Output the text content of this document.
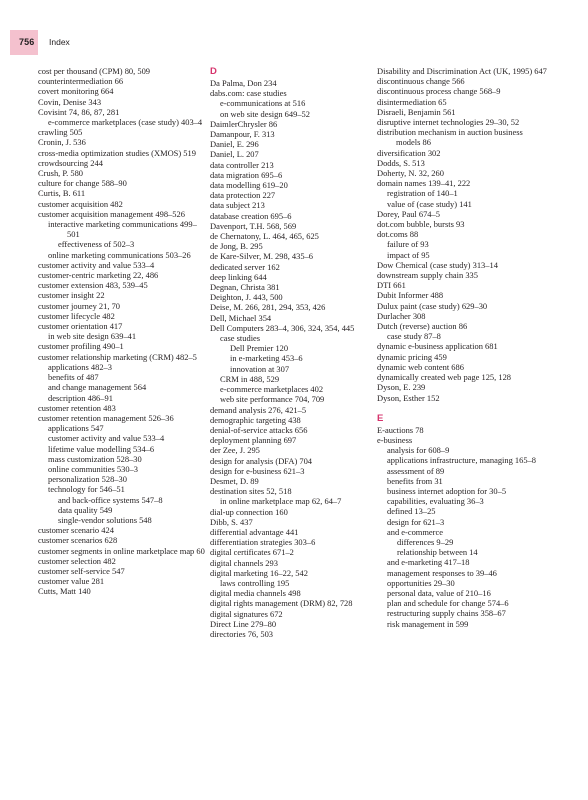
756 Index
cost per thousand (CPM) 80, 509
counterintermediation 66
covert monitoring 664
Covin, Denise 343
Covisint 74, 86, 87, 281
e-commerce marketplaces (case study) 403–4
crawling 505
Cronin, J. 536
cross-media optimization studies (XMOS) 519
crowdsourcing 244
Crush, P. 580
culture for change 588–90
Curtis, B. 611
customer acquisition 482
customer acquisition management 498–526
interactive marketing communications 499–501
effectiveness of 502–3
online marketing communications 503–26
customer activity and value 533–4
customer-centric marketing 22, 486
customer extension 483, 539–45
customer insight 22
customer journey 21, 70
customer lifecycle 482
customer orientation 417
in web site design 639–41
customer profiling 490–1
customer relationship marketing (CRM) 482–5
applications 482–3
benefits of 487
and change management 564
description 486–91
customer retention 483
customer retention management 526–36
applications 547
customer activity and value 533–4
lifetime value modelling 534–6
mass customization 528–30
online communities 530–3
personalization 528–30
technology for 546–51
and back-office systems 547–8
data quality 549
single-vendor solutions 548
customer scenario 424
customer scenarios 628
customer segments in online marketplace map 60
customer selection 482
customer self-service 547
customer value 281
Cutts, Matt 140
D
Da Palma, Don 234
dabs.com: case studies
e-communications at 516
on web site design 649–52
DaimlerChrysler 86
Damanpour, F. 313
Daniel, E. 296
Daniel, L. 207
data controller 213
data migration 695–6
data modelling 619–20
data protection 227
data subject 213
database creation 695–6
Davenport, T.H. 568, 569
de Chernatony, L. 464, 465, 625
de Jong, B. 295
de Kare-Silver, M. 298, 435–6
dedicated server 162
deep linking 644
Degnan, Christa 381
Deighton, J. 443, 500
Deise, M. 266, 281, 294, 353, 426
Dell, Michael 354
Dell Computers 283–4, 306, 324, 354, 445
case studies
Dell Premier 120
in e-marketing 453–6
innovation at 307
CRM in 488, 529
e-commerce marketplaces 402
web site performance 704, 709
demand analysis 276, 421–5
demographic targeting 438
denial-of-service attacks 656
deployment planning 697
der Zee, J. 295
design for analysis (DFA) 704
design for e-business 621–3
Desmet, D. 89
destination sites 52, 518
in online marketplace map 62, 64–7
dial-up connection 160
Dibb, S. 437
differential advantage 441
differentiation strategies 303–6
digital certificates 671–2
digital channels 293
digital marketing 16–22, 542
laws controlling 195
digital media channels 498
digital rights management (DRM) 82, 728
digital signatures 672
Direct Line 279–80
directories 76, 503
Disability and Discrimination Act (UK, 1995) 647
discontinuous change 566
discontinuous process change 568–9
disintermediation 65
Disraeli, Benjamin 561
disruptive internet technologies 29–30, 52
distribution mechanism in auction business models 86
diversification 302
Dodds, S. 513
Doherty, N. 32, 260
domain names 139–41, 222
registration of 140–1
value of (case study) 141
Dorey, Paul 674–5
dot.com bubble, bursts 93
dot.coms 88
failure of 93
impact of 95
Dow Chemical (case study) 313–14
downstream supply chain 335
DTI 661
Dubit Informer 488
Dulux paint (case study) 629–30
Durlacher 308
Dutch (reverse) auction 86
case study 87–8
dynamic e-business application 681
dynamic pricing 459
dynamic web content 686
dynamically created web page 125, 128
Dyson, E. 239
Dyson, Esther 152
E
E-auctions 78
e-business
analysis for 608–9
applications infrastructure, managing 165–8
assessment of 89
benefits from 31
business internet adoption for 30–5
capabilities, evaluating 36–3
defined 13–25
design for 621–3
and e-commerce
differences 9–29
relationship between 14
and e-marketing 417–18
management responses to 39–46
opportunities 29–30
personal data, value of 210–16
plan and schedule for change 574–6
restructuring supply chains 358–67
risk management in 599
